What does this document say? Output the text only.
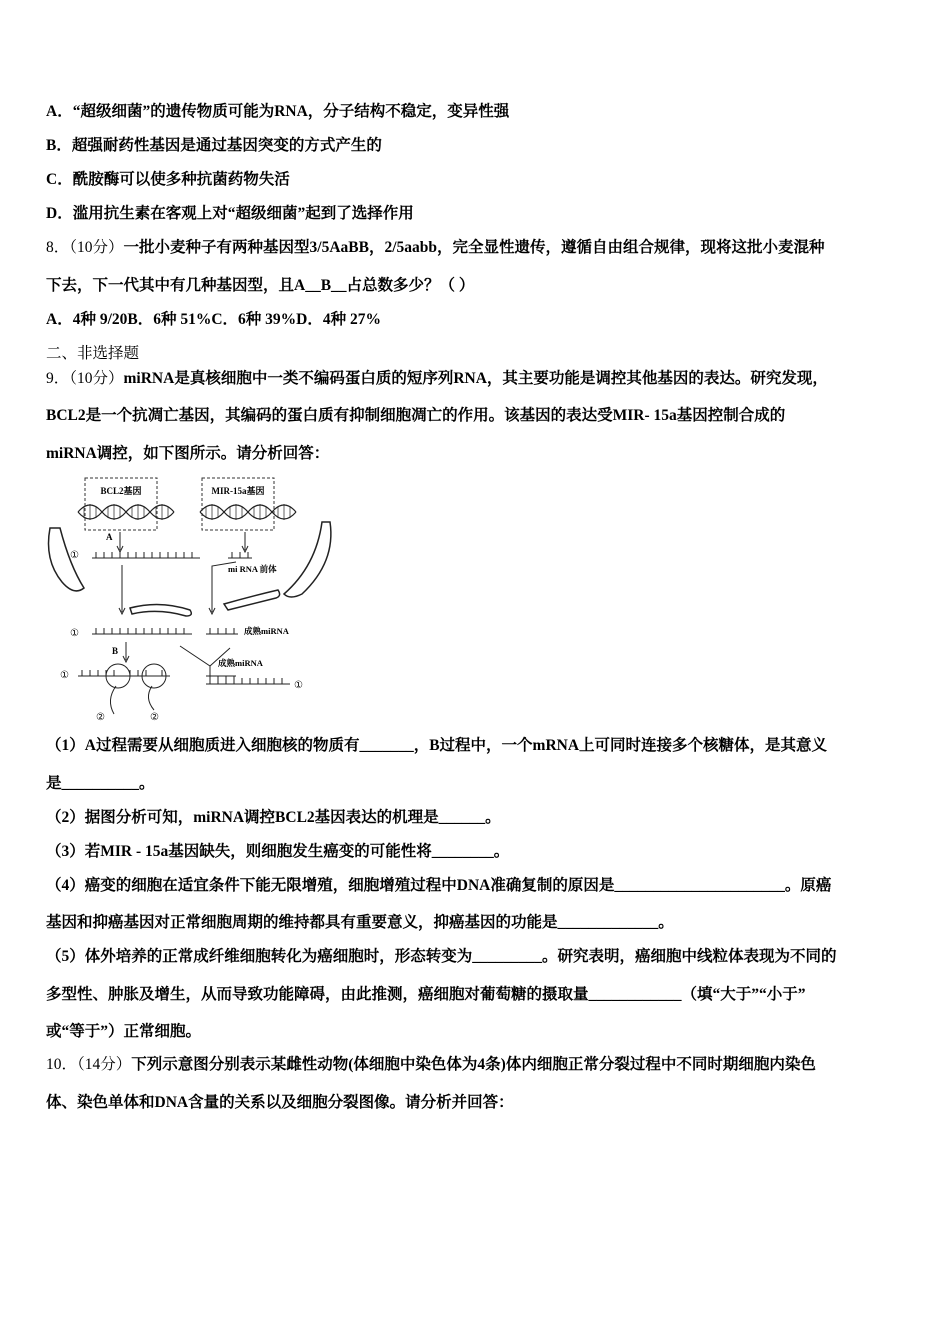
A．“超级细菌”的遗传物质可能为RNA，分子结构不稳定，变异性强
B．超强耐药性基因是通过基因突变的方式产生的
C．酰胺酶可以使多种抗菌药物失活
D．滥用抗生素在客观上对“超级细菌”起到了选择作用
8．（10分）一批小麦种子有两种基因型3/5AaBB，2/5aabb，完全显性遗传，遵循自由组合规律，现将这批小麦混种
下去，下一代其中有几种基因型，且A__B__占总数多少？（ ）
A．4种 9/20B．6种 51%C．6种 39%D．4种 27%
二、非选择题
9．（10分）miRNA是真核细胞中一类不编码蛋白质的短序列RNA，其主要功能是调控其他基因的表达。研究发现，
BCL2是一个抗凋亡基因，其编码的蛋白质有抑制细胞凋亡的作用。该基因的表达受MIR- 15a基因控制合成的
miRNA调控，如下图所示。请分析回答：
BCL2基因	MIR-15a基因
A
①
mi RNA 前体
①	成熟miRNA
B
成熟miRNA
①
②	②
①
（1）A过程需要从细胞质进入细胞核的物质有_______，B过程中，一个mRNA上可同时连接多个核糖体，是其意义
是__________。
（2）据图分析可知，miRNA调控BCL2基因表达的机理是______。
（3）若MIR - 15a基因缺失，则细胞发生癌变的可能性将________。
（4）癌变的细胞在适宜条件下能无限增殖，细胞增殖过程中DNA准确复制的原因是______________________。原癌
基因和抑癌基因对正常细胞周期的维持都具有重要意义，抑癌基因的功能是_____________。
（5）体外培养的正常成纤维细胞转化为癌细胞时，形态转变为_________。研究表明，癌细胞中线粒体表现为不同的
多型性、肿胀及增生，从而导致功能障碍，由此推测，癌细胞对葡萄糖的摄取量____________（填“大于”“小于”
或“等于”）正常细胞。
10．（14分）下列示意图分别表示某雌性动物(体细胞中染色体为4条)体内细胞正常分裂过程中不同时期细胞内染色
体、染色单体和DNA含量的关系以及细胞分裂图像。请分析并回答：
